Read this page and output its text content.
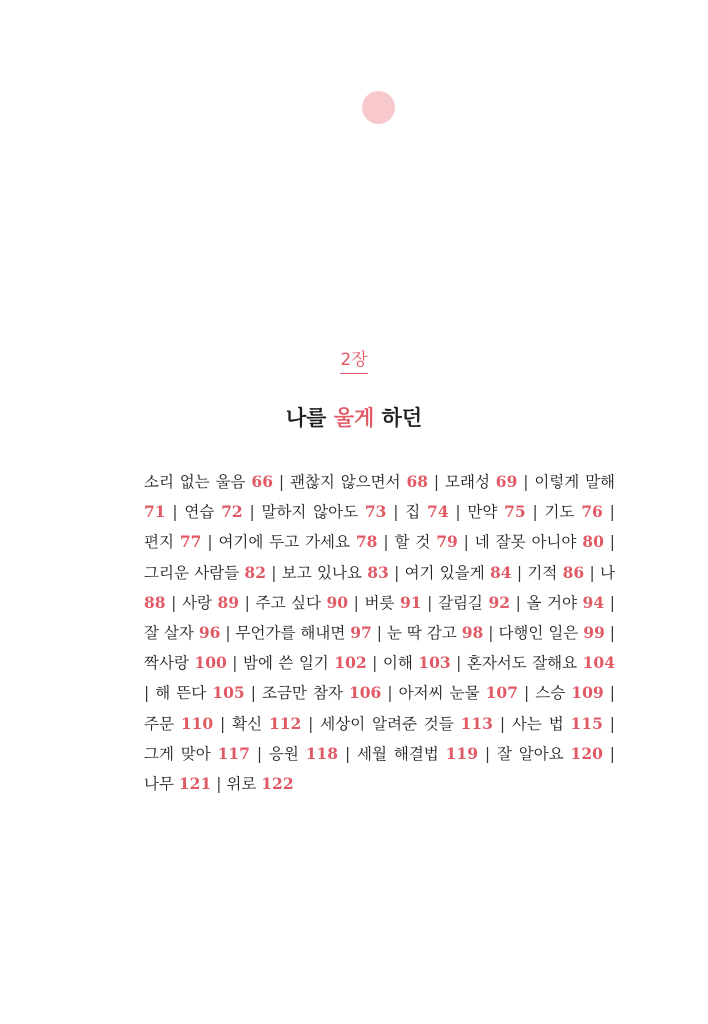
2장
나를 울게 하던
소리 없는 울음 66 | 괜찮지 않으면서 68 | 모래성 69 | 이렇게 말해 71 | 연습 72 | 말하지 않아도 73 | 집 74 | 만약 75 | 기도 76 | 편지 77 | 여기에 두고 가세요 78 | 할 것 79 | 네 잘못 아니야 80 | 그리운 사람들 82 | 보고 있나요 83 | 여기 있을게 84 | 기적 86 | 나 88 | 사랑 89 | 주고 싶다 90 | 버릇 91 | 갈림길 92 | 올 거야 94 | 잘 살자 96 | 무언가를 해내면 97 | 눈 딱 감고 98 | 다행인 일은 99 | 짝사랑 100 | 밤에 쓴 일기 102 | 이해 103 | 혼자서도 잘해요 104 | 해 뜬다 105 | 조금만 참자 106 | 아저씨 눈물 107 | 스승 109 | 주문 110 | 확신 112 | 세상이 알려준 것들 113 | 사는 법 115 | 그게 맞아 117 | 응원 118 | 세월 해결법 119 | 잘 알아요 120 | 나무 121 | 위로 122
